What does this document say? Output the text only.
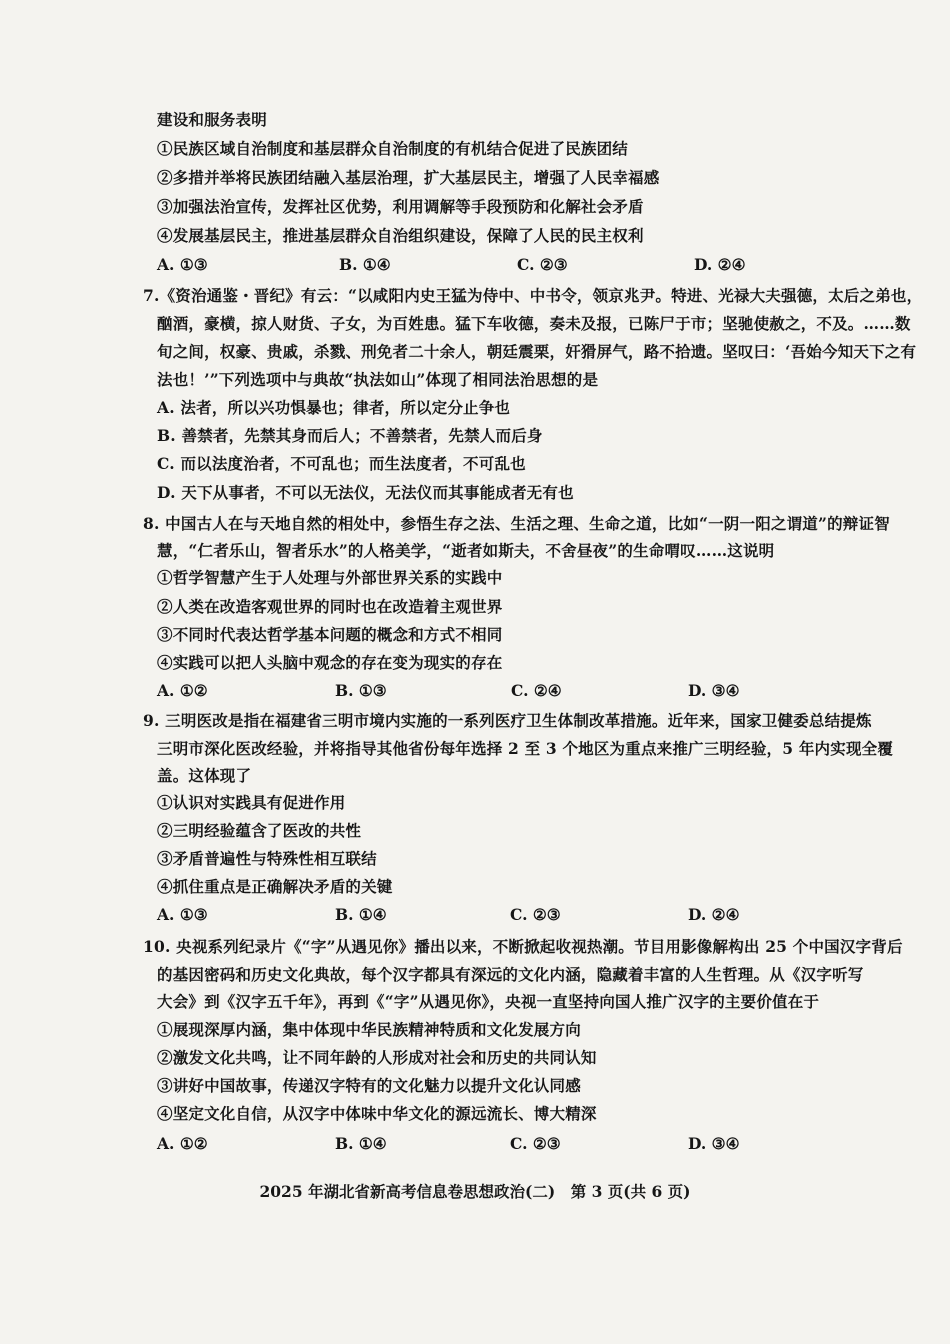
建设和服务表明
①民族区域自治制度和基层群众自治制度的有机结合促进了民族团结
②多措并举将民族团结融入基层治理，扩大基层民主，增强了人民幸福感
③加强法治宣传，发挥社区优势，利用调解等手段预防和化解社会矛盾
④发展基层民主，推进基层群众自治组织建设，保障了人民的民主权利
A. ①③	B. ①④	C. ②③	D. ②④
7.《资治通鉴・晋纪》有云：“以咸阳内史王猛为侍中、中书令，领京兆尹。特进、光禄大夫强德，太后之弟也，
酗酒，豪横，掠人财货、子女，为百姓患。猛下车收德，奏未及报，已陈尸于市；坚驰使赦之，不及。……数
旬之间，权豪、贵戚，杀戮、刑免者二十余人，朝廷震栗，奸猾屏气，路不拾遗。坚叹曰：‘吾始今知天下之有
法也！’”下列选项中与典故“执法如山”体现了相同法治思想的是
A. 法者，所以兴功惧暴也；律者，所以定分止争也
B. 善禁者，先禁其身而后人；不善禁者，先禁人而后身
C. 而以法度治者，不可乱也；而生法度者，不可乱也
D. 天下从事者，不可以无法仪，无法仪而其事能成者无有也
8. 中国古人在与天地自然的相处中，参悟生存之法、生活之理、生命之道，比如“一阴一阳之谓道”的辩证智
慧，“仁者乐山，智者乐水”的人格美学，“逝者如斯夫，不舍昼夜”的生命喟叹……这说明
①哲学智慧产生于人处理与外部世界关系的实践中
②人类在改造客观世界的同时也在改造着主观世界
③不同时代表达哲学基本问题的概念和方式不相同
④实践可以把人头脑中观念的存在变为现实的存在
A. ①②	B. ①③	C. ②④	D. ③④
9. 三明医改是指在福建省三明市境内实施的一系列医疗卫生体制改革措施。近年来，国家卫健委总结提炼
三明市深化医改经验，并将指导其他省份每年选择 2 至 3 个地区为重点来推广三明经验，5 年内实现全覆
盖。这体现了
①认识对实践具有促进作用
②三明经验蕴含了医改的共性
③矛盾普遍性与特殊性相互联结
④抓住重点是正确解决矛盾的关键
A. ①③	B. ①④	C. ②③	D. ②④
10. 央视系列纪录片《“字”从遇见你》播出以来，不断掀起收视热潮。节目用影像解构出 25 个中国汉字背后
的基因密码和历史文化典故，每个汉字都具有深远的文化内涵，隐藏着丰富的人生哲理。从《汉字听写
大会》到《汉字五千年》，再到《“字”从遇见你》，央视一直坚持向国人推广汉字的主要价值在于
①展现深厚内涵，集中体现中华民族精神特质和文化发展方向
②激发文化共鸣，让不同年龄的人形成对社会和历史的共同认知
③讲好中国故事，传递汉字特有的文化魅力以提升文化认同感
④坚定文化自信，从汉字中体味中华文化的源远流长、博大精深
A. ①②	B. ①④	C. ②③	D. ③④
2025 年湖北省新高考信息卷思想政治(二)　第 3 页(共 6 页)
